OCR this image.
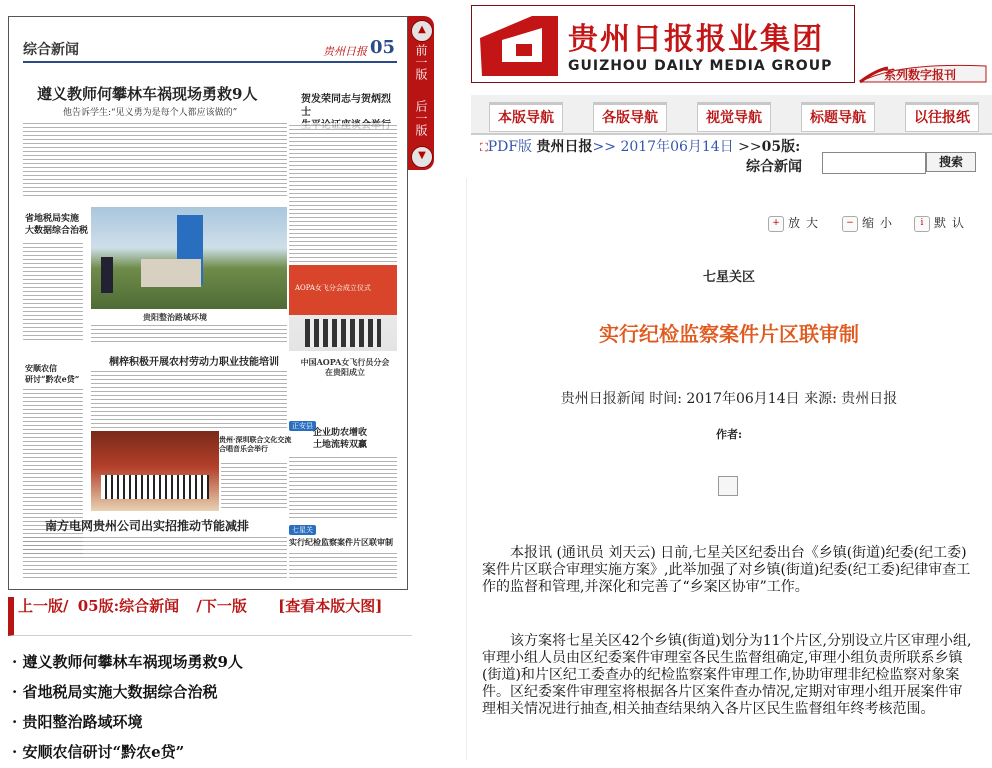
综合新闻	贵州日报 05
遵义教师何攀林车祸现场勇救9人
他告诉学生:“见义勇为是每个人都应该做的”
贺发荣同志与贺炳烈士

省地税局实施
大数据综合治税
贵阳整治路域环境
AOPA女飞分会成立仪式
中国AOPA女飞行员分会
在贵阳成立
桐梓积极开展农村劳动力职业技能培训
安顺农信
研讨“黔农e贷”
贵州·深圳联合文化交流
合唱音乐会举行
正安县
企业助农增收
土地流转双赢
南方电网贵州公司出实招推动节能减排	七星关
实行纪检监察案件片区联审制
▲
前一版
后一版
▼
上一版/ 05版:综合新闻 /下一版 [查看本版大图]
· 遵义教师何攀林车祸现场勇救9人
· 省地税局实施大数据综合治税
· 贵阳整治路域环境
· 安顺农信研讨“黔农e贷”
贵州日报报业集团
GUIZHOU DAILY MEDIA GROUP
系列数字报刊
本版导航	各版导航	视觉导航	标题导航	以往报纸
⛶PDF版 贵州日报>> 2017年06月14日 >>05版:
综合新闻	搜索
+ 放大	− 缩小	i 默认
七星关区
实行纪检监察案件片区联审制
贵州日报新闻 时间: 2017年06月14日 来源: 贵州日报
作者:

本报讯 (通讯员 刘天云) 日前,七星关区纪委出台《乡镇(街道)纪委(纪工委)案件片区联合审理实施方案》,此举加强了对乡镇(街道)纪委(纪工委)纪律审查工作的监督和管理,并深化和完善了“乡案区协审”工作。

该方案将七星关区42个乡镇(街道)划分为11个片区,分别设立片区审理小组,审理小组人员由区纪委案件审理室各民生监督组确定,审理小组负责所联系乡镇(街道)和片区纪工委查办的纪检监察案件审理工作,协助审理非纪检监察对象案件。区纪委案件审理室将根据各片区案件查办情况,定期对审理小组开展案件审理相关情况进行抽查,相关抽查结果纳入各片区民生监督组年终考核范围。
